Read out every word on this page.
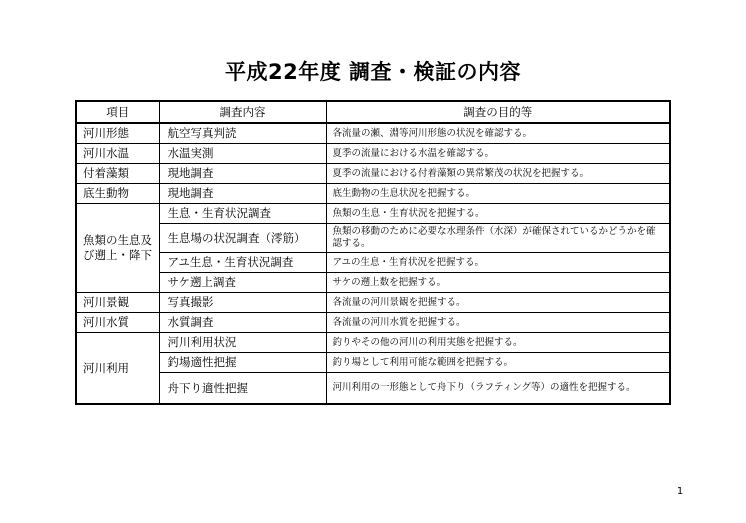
平成22年度 調査・検証の内容
項目	調査内容	調査の目的等
河川形態	航空写真判読	各流量の瀬、淵等河川形態の状況を確認する。
河川水温	水温実測	夏季の流量における水温を確認する。
付着藻類	現地調査	夏季の流量における付着藻類の異常繁茂の状況を把握する。
底生動物	現地調査	底生動物の生息状況を把握する。
魚類の生息及び遡上・降下	生息・生育状況調査	魚類の生息・生育状況を把握する。
	生息場の状況調査（澪筋）	魚類の移動のために必要な水理条件（水深）が確保されているかどうかを確認する。
	アユ生息・生育状況調査	アユの生息・生育状況を把握する。
	サケ遡上調査	サケの遡上数を把握する。
河川景観	写真撮影	各流量の河川景観を把握する。
河川水質	水質調査	各流量の河川水質を把握する。
河川利用	河川利用状況	釣りやその他の河川の利用実態を把握する。
	釣場適性把握	釣り場として利用可能な範囲を把握する。
	舟下り適性把握	河川利用の一形態として舟下り（ラフティング等）の適性を把握する。
1
